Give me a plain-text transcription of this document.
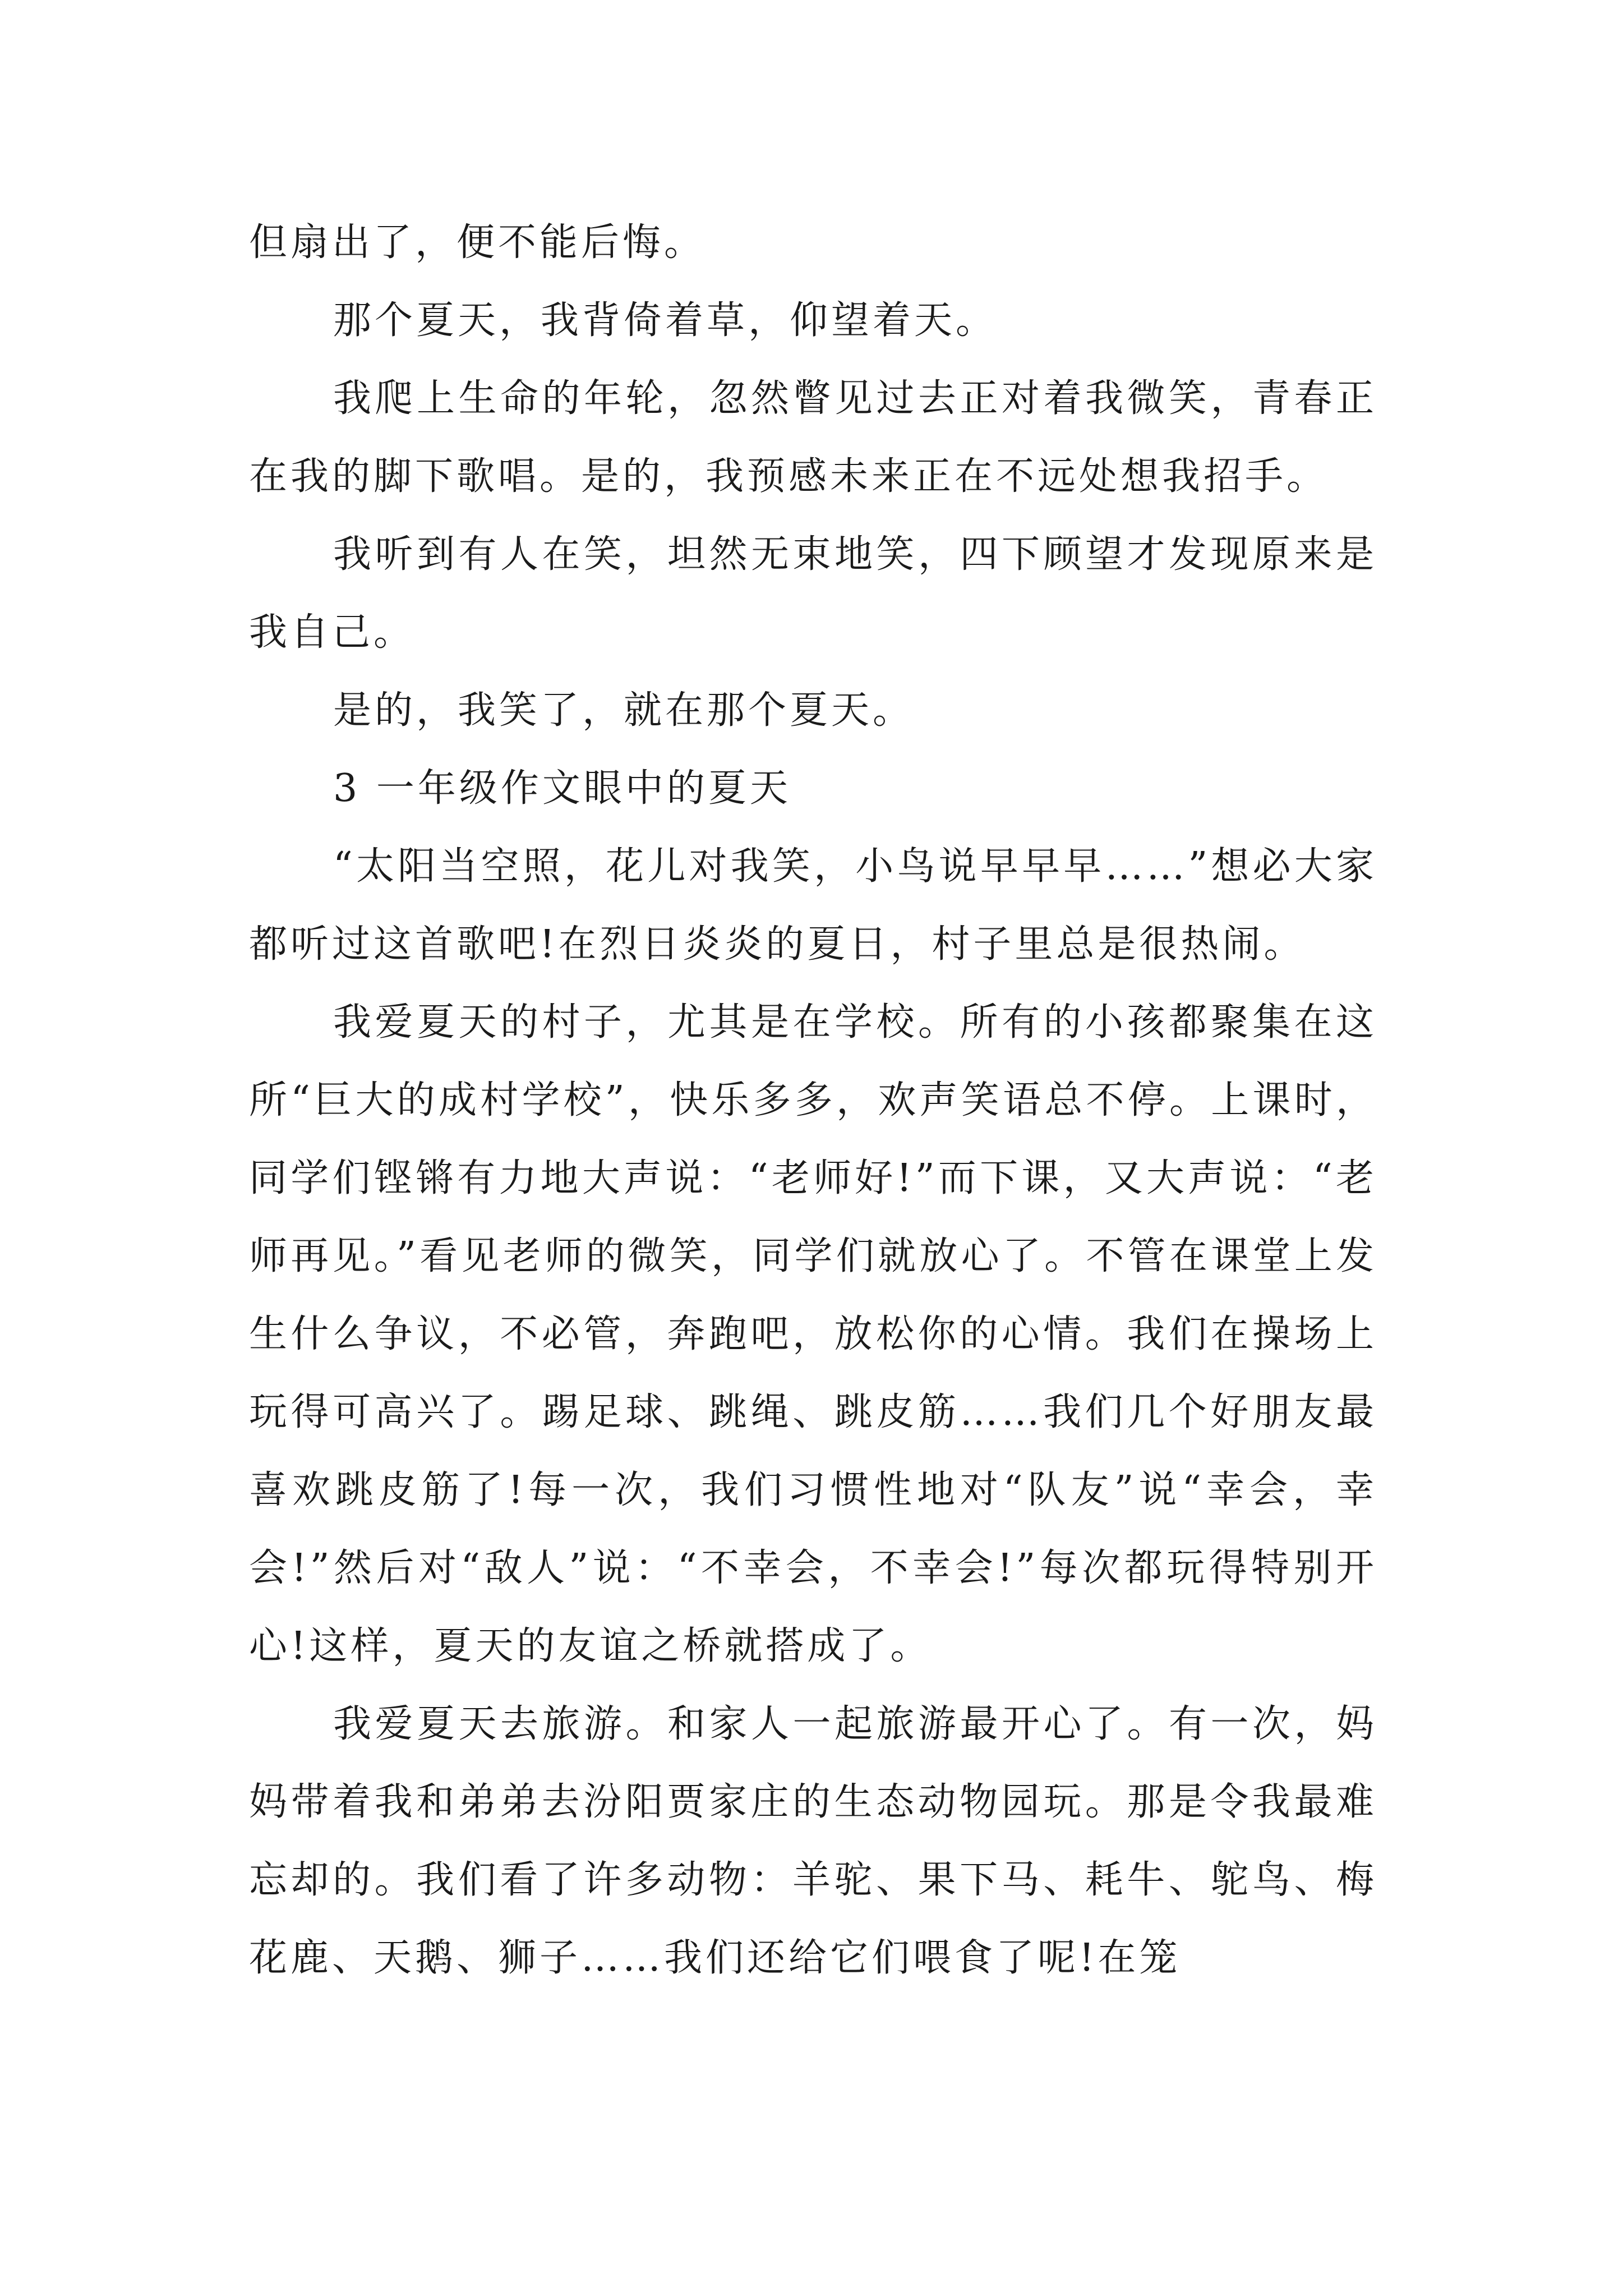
但扇出了，便不能后悔。

那个夏天，我背倚着草，仰望着天。

我爬上生命的年轮，忽然瞥见过去正对着我微笑，青春正在我的脚下歌唱。是的，我预感未来正在不远处想我招手。

我听到有人在笑，坦然无束地笑，四下顾望才发现原来是我自己。

是的，我笑了，就在那个夏天。

3 一年级作文眼中的夏天

“太阳当空照，花儿对我笑，小鸟说早早早……”想必大家都听过这首歌吧!在烈日炎炎的夏日，村子里总是很热闹。

我爱夏天的村子，尤其是在学校。所有的小孩都聚集在这所“巨大的成村学校”，快乐多多，欢声笑语总不停。上课时，同学们铿锵有力地大声说：“老师好!”而下课，又大声说：“老师再见。”看见老师的微笑，同学们就放心了。不管在课堂上发生什么争议，不必管，奔跑吧，放松你的心情。我们在操场上玩得可高兴了。踢足球、跳绳、跳皮筋……我们几个好朋友最喜欢跳皮筋了!每一次，我们习惯性地对“队友”说“幸会，幸会!”然后对“敌人”说：“不幸会，不幸会!”每次都玩得特别开心!这样，夏天的友谊之桥就搭成了。

我爱夏天去旅游。和家人一起旅游最开心了。有一次，妈妈带着我和弟弟去汾阳贾家庄的生态动物园玩。那是令我最难忘却的。我们看了许多动物：羊驼、果下马、耗牛、鸵鸟、梅花鹿、天鹅、狮子……我们还给它们喂食了呢!在笼
